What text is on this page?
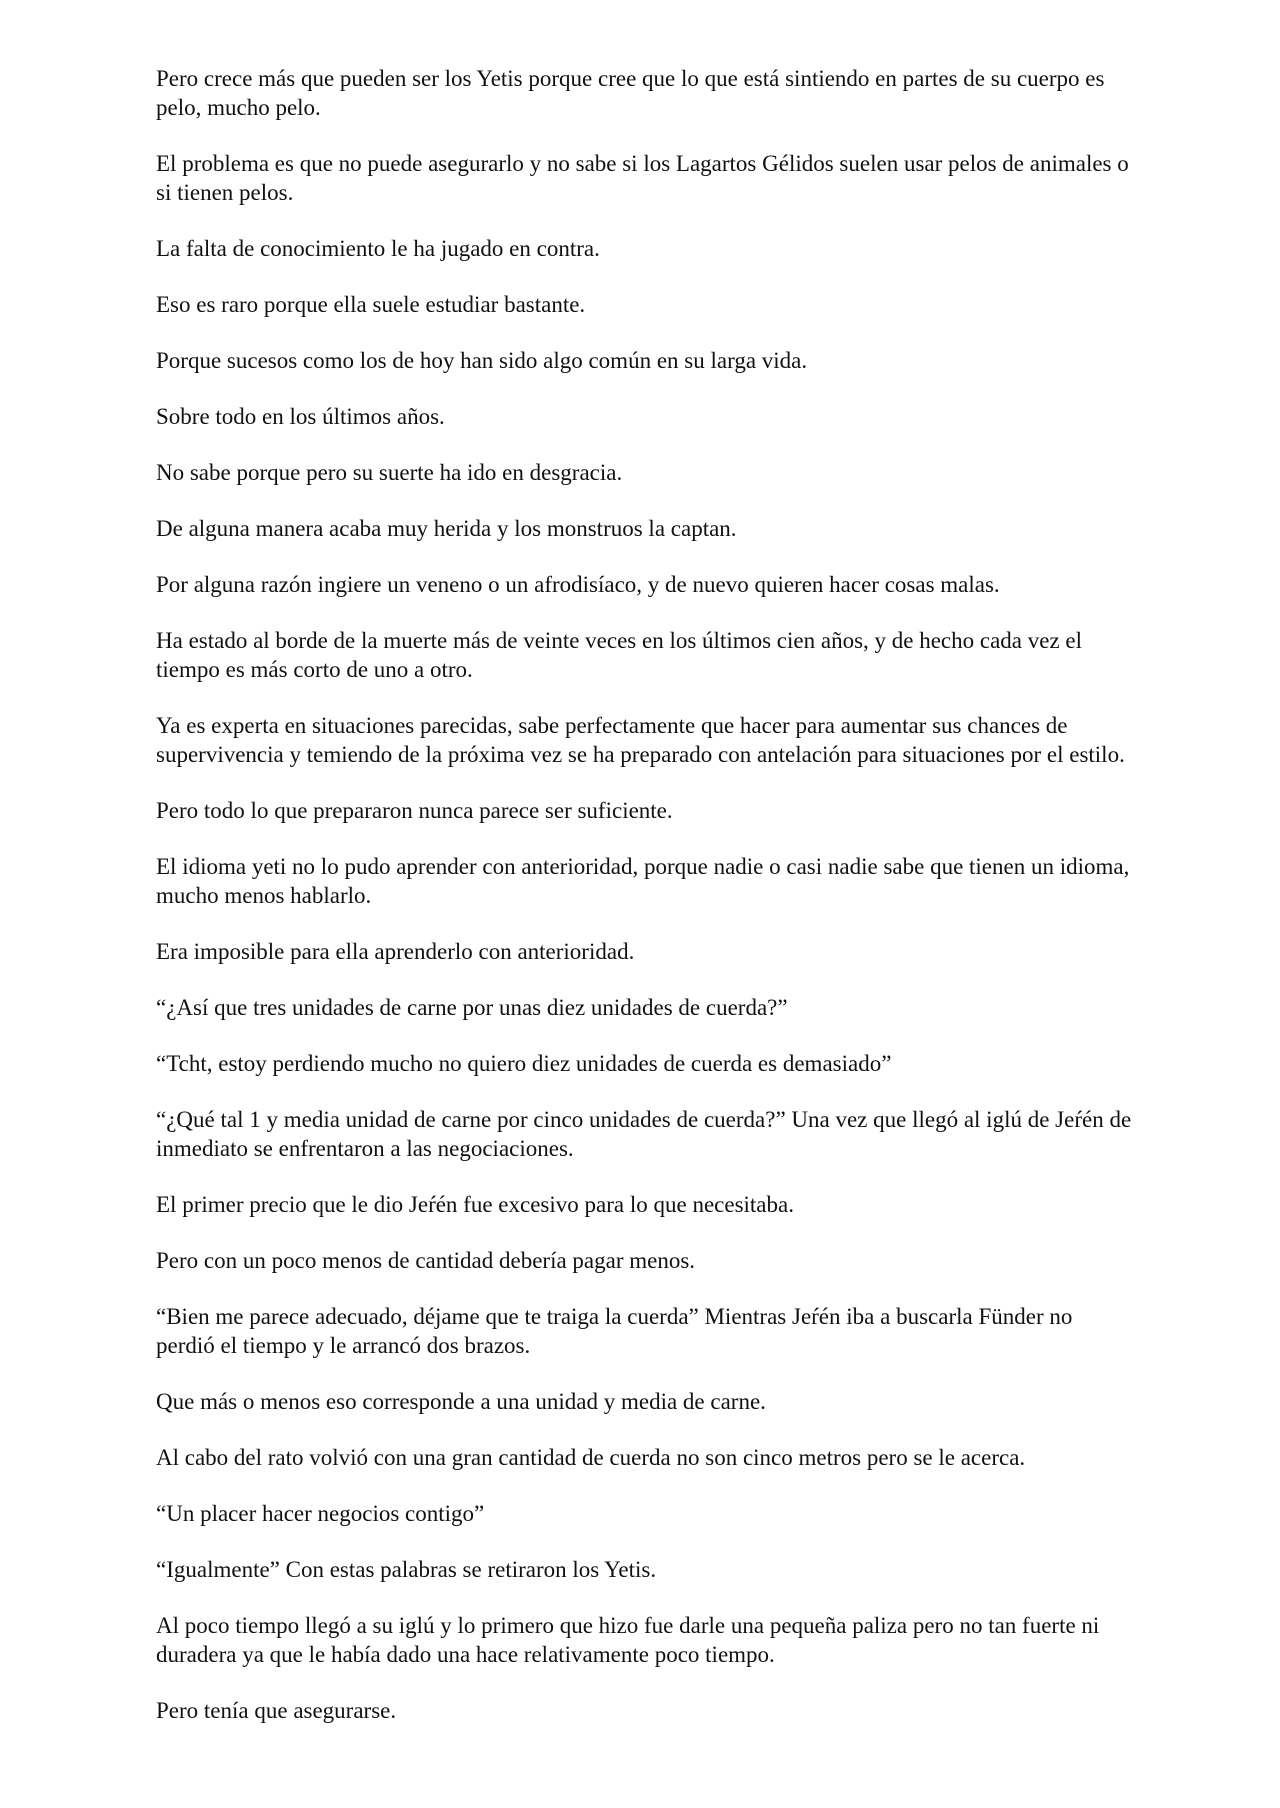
Pero crece más que pueden ser los Yetis porque cree que lo que está sintiendo en partes de su cuerpo es pelo, mucho pelo.

El problema es que no puede asegurarlo y no sabe si los Lagartos Gélidos suelen usar pelos de animales o si tienen pelos.

La falta de conocimiento le ha jugado en contra.

Eso es raro porque ella suele estudiar bastante.

Porque sucesos como los de hoy han sido algo común en su larga vida.

Sobre todo en los últimos años.

No sabe porque pero su suerte ha ido en desgracia.

De alguna manera acaba muy herida y los monstruos la captan.

Por alguna razón ingiere un veneno o un afrodisíaco, y de nuevo quieren hacer cosas malas.

Ha estado al borde de la muerte más de veinte veces en los últimos cien años, y de hecho cada vez el tiempo es más corto de uno a otro.

Ya es experta en situaciones parecidas, sabe perfectamente que hacer para aumentar sus chances de supervivencia y temiendo de la próxima vez se ha preparado con antelación para situaciones por el estilo.

Pero todo lo que prepararon nunca parece ser suficiente.

El idioma yeti no lo pudo aprender con anterioridad, porque nadie o casi nadie sabe que tienen un idioma, mucho menos hablarlo.

Era imposible para ella aprenderlo con anterioridad.

“¿Así que tres unidades de carne por unas diez unidades de cuerda?”

“Tcht, estoy perdiendo mucho no quiero diez unidades de cuerda es demasiado”

“¿Qué tal 1 y media unidad de carne por cinco unidades de cuerda?” Una vez que llegó al iglú de Jeŕén de inmediato se enfrentaron a las negociaciones.

El primer precio que le dio Jeŕén fue excesivo para lo que necesitaba.

Pero con un poco menos de cantidad debería pagar menos.

“Bien me parece adecuado, déjame que te traiga la cuerda” Mientras Jeŕén iba a buscarla Fünder no perdió el tiempo y le arrancó dos brazos.

Que más o menos eso corresponde a una unidad y media de carne.

Al cabo del rato volvió con una gran cantidad de cuerda no son cinco metros pero se le acerca.

“Un placer hacer negocios contigo”

“Igualmente” Con estas palabras se retiraron los Yetis.

Al poco tiempo llegó a su iglú y lo primero que hizo fue darle una pequeña paliza pero no tan fuerte ni duradera ya que le había dado una hace relativamente poco tiempo.

Pero tenía que asegurarse.
